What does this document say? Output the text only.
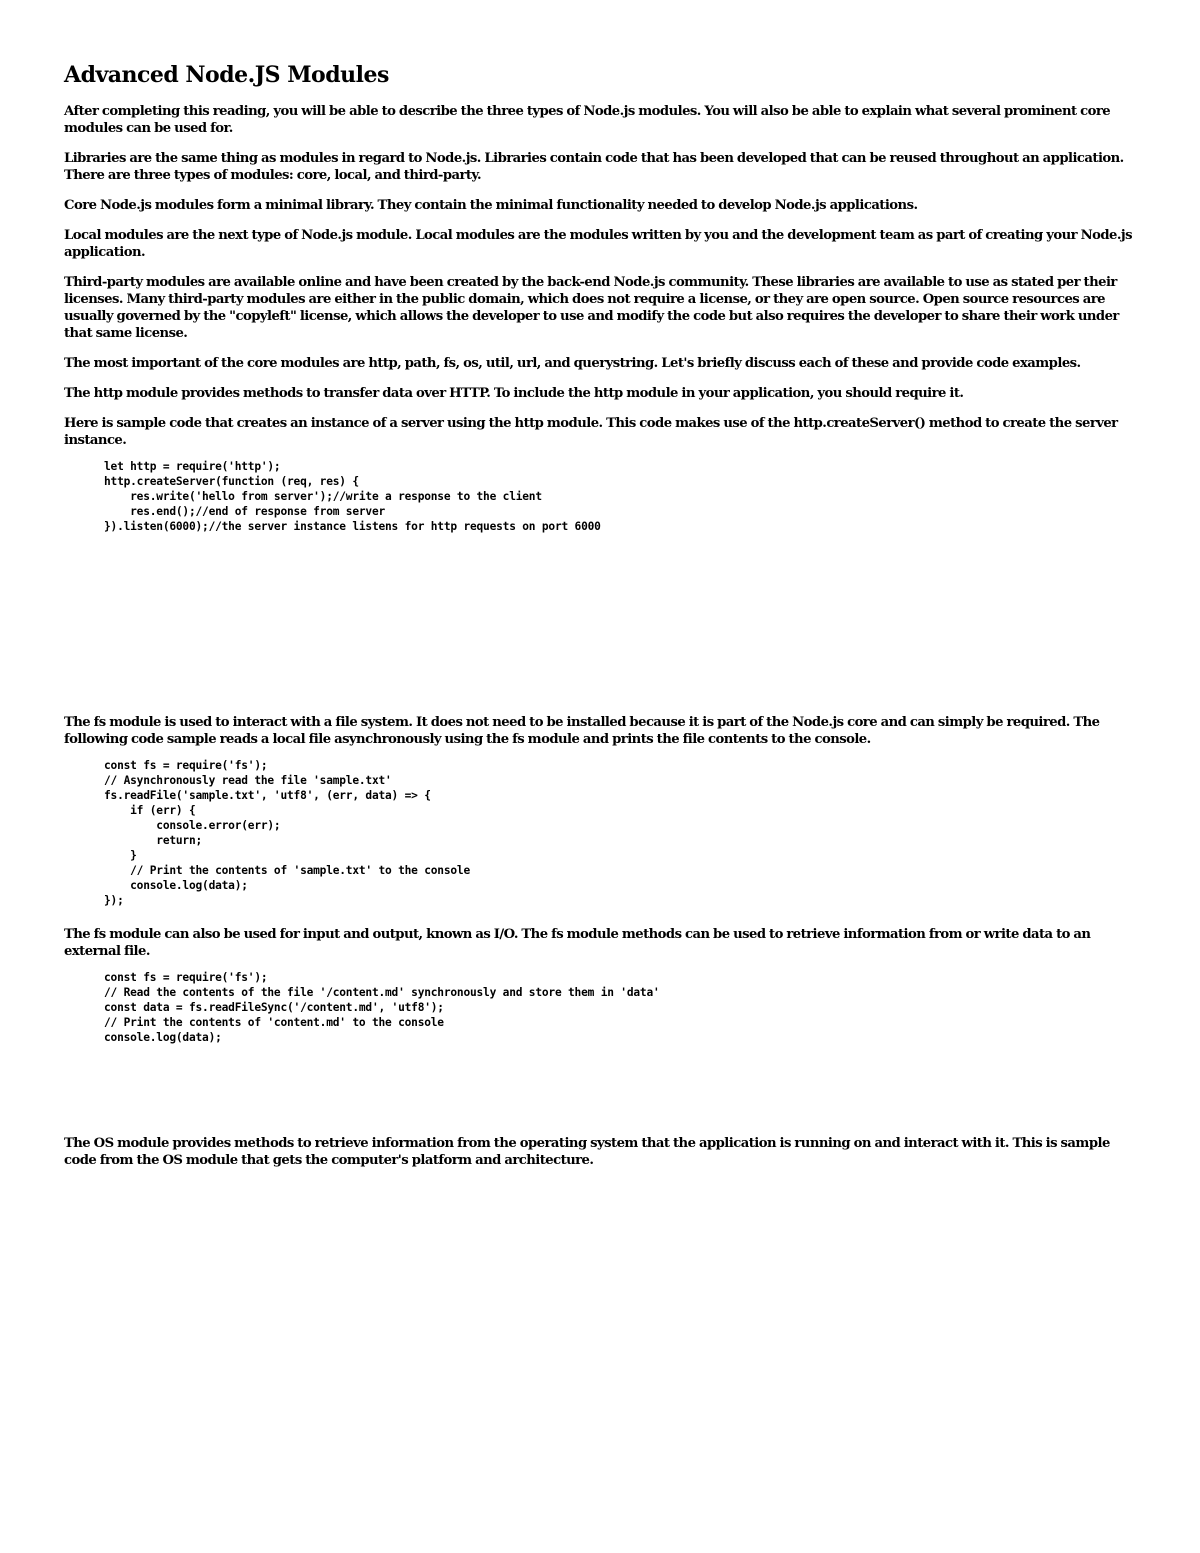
Advanced Node.JS Modules

After completing this reading, you will be able to describe the three types of Node.js modules. You will also be able to explain what several prominent core modules can be used for.

Libraries are the same thing as modules in regard to Node.js. Libraries contain code that has been developed that can be reused throughout an application. There are three types of modules: core, local, and third-party.

Core Node.js modules form a minimal library. They contain the minimal functionality needed to develop Node.js applications.

Local modules are the next type of Node.js module. Local modules are the modules written by you and the development team as part of creating your Node.js application.

Third-party modules are available online and have been created by the back-end Node.js community. These libraries are available to use as stated per their licenses. Many third-party modules are either in the public domain, which does not require a license, or they are open source. Open source resources are usually governed by the "copyleft" license, which allows the developer to use and modify the code but also requires the developer to share their work under that same license.

The most important of the core modules are http, path, fs, os, util, url, and querystring. Let's briefly discuss each of these and provide code examples.

The http module provides methods to transfer data over HTTP. To include the http module in your application, you should require it.

Here is sample code that creates an instance of a server using the http module. This code makes use of the http.createServer() method to create the server instance.

let http = require('http');
http.createServer(function (req, res) {
res.write('hello from server');//write a response to the client
res.end();//end of response from server
}).listen(6000);//the server instance listens for http requests on port 6000

The fs module is used to interact with a file system. It does not need to be installed because it is part of the Node.js core and can simply be required. The following code sample reads a local file asynchronously using the fs module and prints the file contents to the console.

const fs = require('fs');
// Asynchronously read the file 'sample.txt'
fs.readFile('sample.txt', 'utf8', (err, data) => {
if (err) {
console.error(err);
return;
}
// Print the contents of 'sample.txt' to the console
console.log(data);
});

The fs module can also be used for input and output, known as I/O. The fs module methods can be used to retrieve information from or write data to an external file.

const fs = require('fs');
// Read the contents of the file '/content.md' synchronously and store them in 'data'
const data = fs.readFileSync('/content.md', 'utf8');
// Print the contents of 'content.md' to the console
console.log(data);

The OS module provides methods to retrieve information from the operating system that the application is running on and interact with it. This is sample code from the OS module that gets the computer's platform and architecture.
